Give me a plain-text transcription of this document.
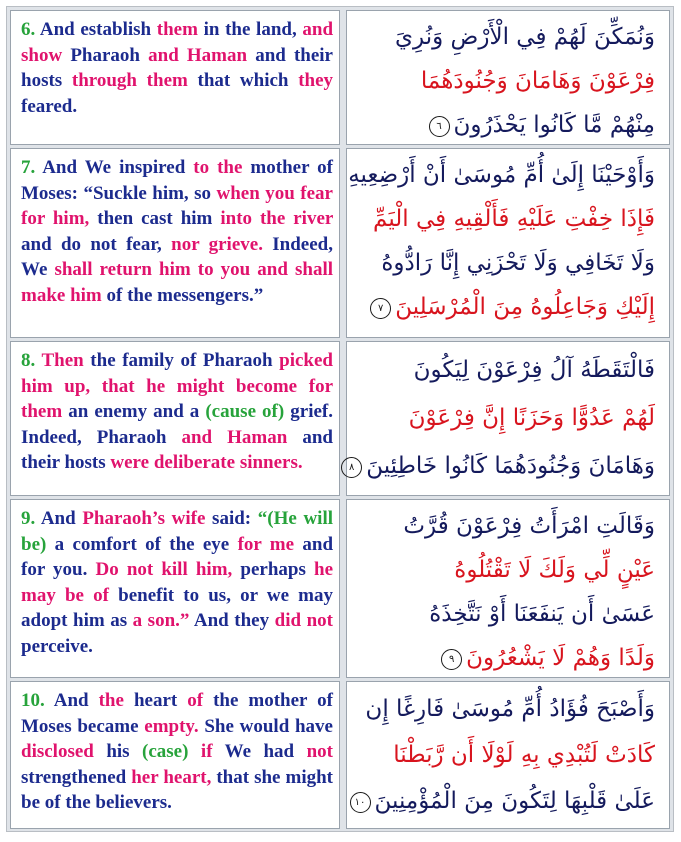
6. And establish them in the land, and show Pharaoh and Haman and their hosts through them that which they feared.
وَنُمَكِّنَ لَهُمْ فِي الْأَرْضِ وَنُرِيَ
فِرْعَوْنَ وَهَامَانَ وَجُنُودَهُمَا
مِنْهُمْ مَّا كَانُوا يَحْذَرُونَ٦
7. And We inspired to the mother of Moses: “Suckle him, so when you fear for him, then cast him into the river and do not fear, nor grieve. Indeed, We shall return him to you and shall make him of the messengers.”
وَأَوْحَيْنَا إِلَىٰ أُمِّ مُوسَىٰ أَنْ أَرْضِعِيهِ
فَإِذَا خِفْتِ عَلَيْهِ فَأَلْقِيهِ فِي الْيَمِّ
وَلَا تَخَافِي وَلَا تَحْزَنِي إِنَّا رَادُّوهُ
إِلَيْكِ وَجَاعِلُوهُ مِنَ الْمُرْسَلِينَ٧
8. Then the family of Pharaoh picked him up, that he might become for them an enemy and a (cause of) grief. Indeed, Pharaoh and Haman and their hosts were deliberate sinners.
فَالْتَقَطَهُ آلُ فِرْعَوْنَ لِيَكُونَ
لَهُمْ عَدُوًّا وَحَزَنًا إِنَّ فِرْعَوْنَ
وَهَامَانَ وَجُنُودَهُمَا كَانُوا خَاطِئِينَ٨
9. And Pharaoh’s wife said: “(He will be) a comfort of the eye for me and for you. Do not kill him, perhaps he may be of benefit to us, or we may adopt him as a son.” And they did not perceive.
وَقَالَتِ امْرَأَتُ فِرْعَوْنَ قُرَّتُ
عَيْنٍ لِّي وَلَكَ لَا تَقْتُلُوهُ
عَسَىٰ أَن يَنفَعَنَا أَوْ نَتَّخِذَهُ
وَلَدًا وَهُمْ لَا يَشْعُرُونَ٩
10. And the heart of the mother of Moses became empty. She would have disclosed his (case) if We had not strengthened her heart, that she might be of the believers.
وَأَصْبَحَ فُؤَادُ أُمِّ مُوسَىٰ فَارِغًا إِن
كَادَتْ لَتُبْدِي بِهِ لَوْلَا أَن رَّبَطْنَا
عَلَىٰ قَلْبِهَا لِتَكُونَ مِنَ الْمُؤْمِنِينَ١٠
